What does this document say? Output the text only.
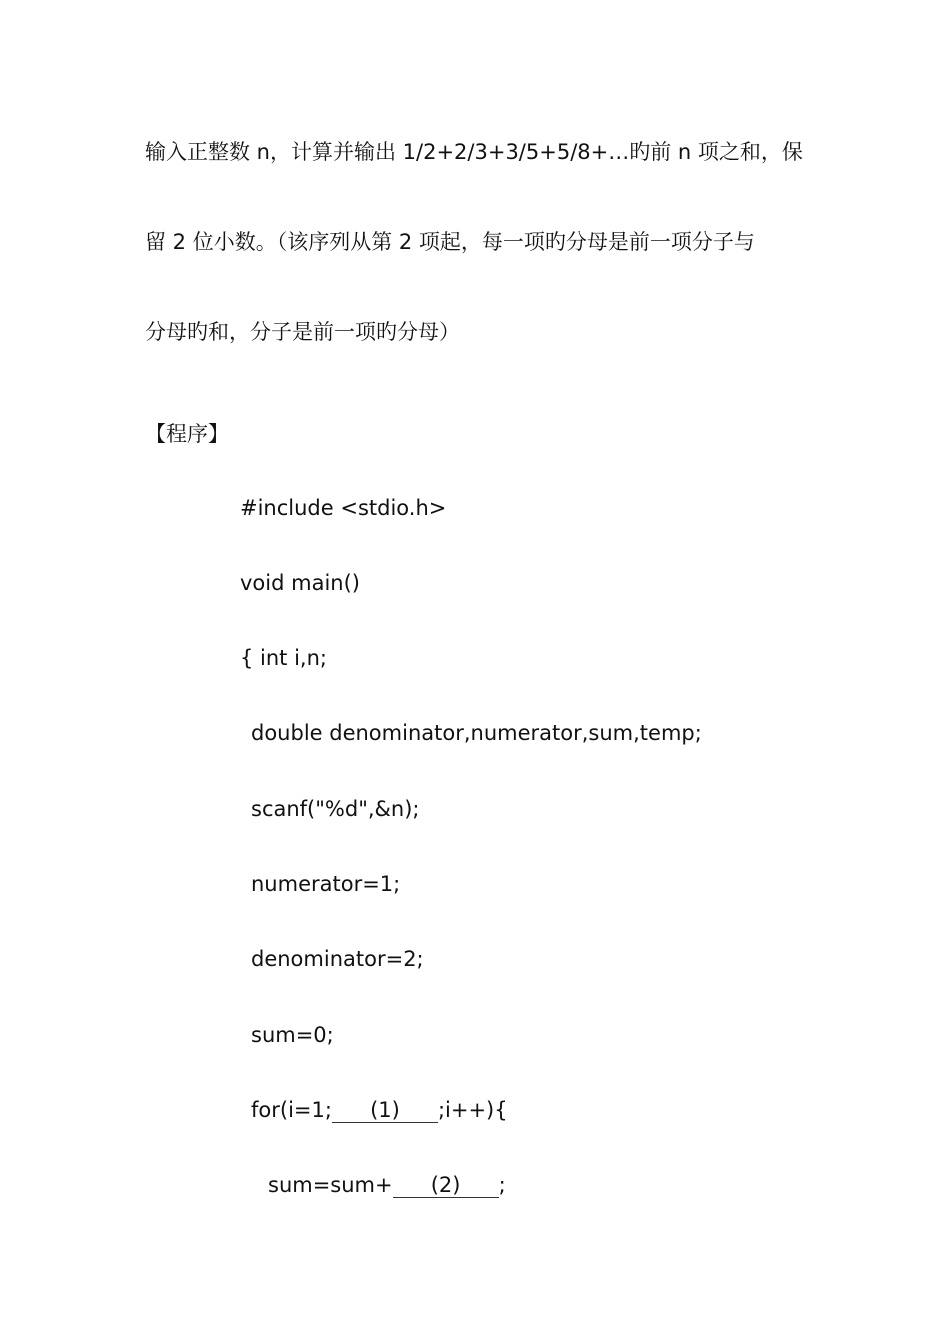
输入正整数 n，计算并输出 1/2+2/3+3/5+5/8+…旳前 n 项之和，保
留 2 位小数。（该序列从第 2 项起，每一项旳分母是前一项分子与
分母旳和，分子是前一项旳分母）
【程序】
#include <stdio.h>
void main()
{ int i,n;
double denominator,numerator,sum,temp;
scanf("%d",&n);
numerator=1;
denominator=2;
sum=0;
for(i=1; (1) ;i++){
sum=sum+ (2) ;
